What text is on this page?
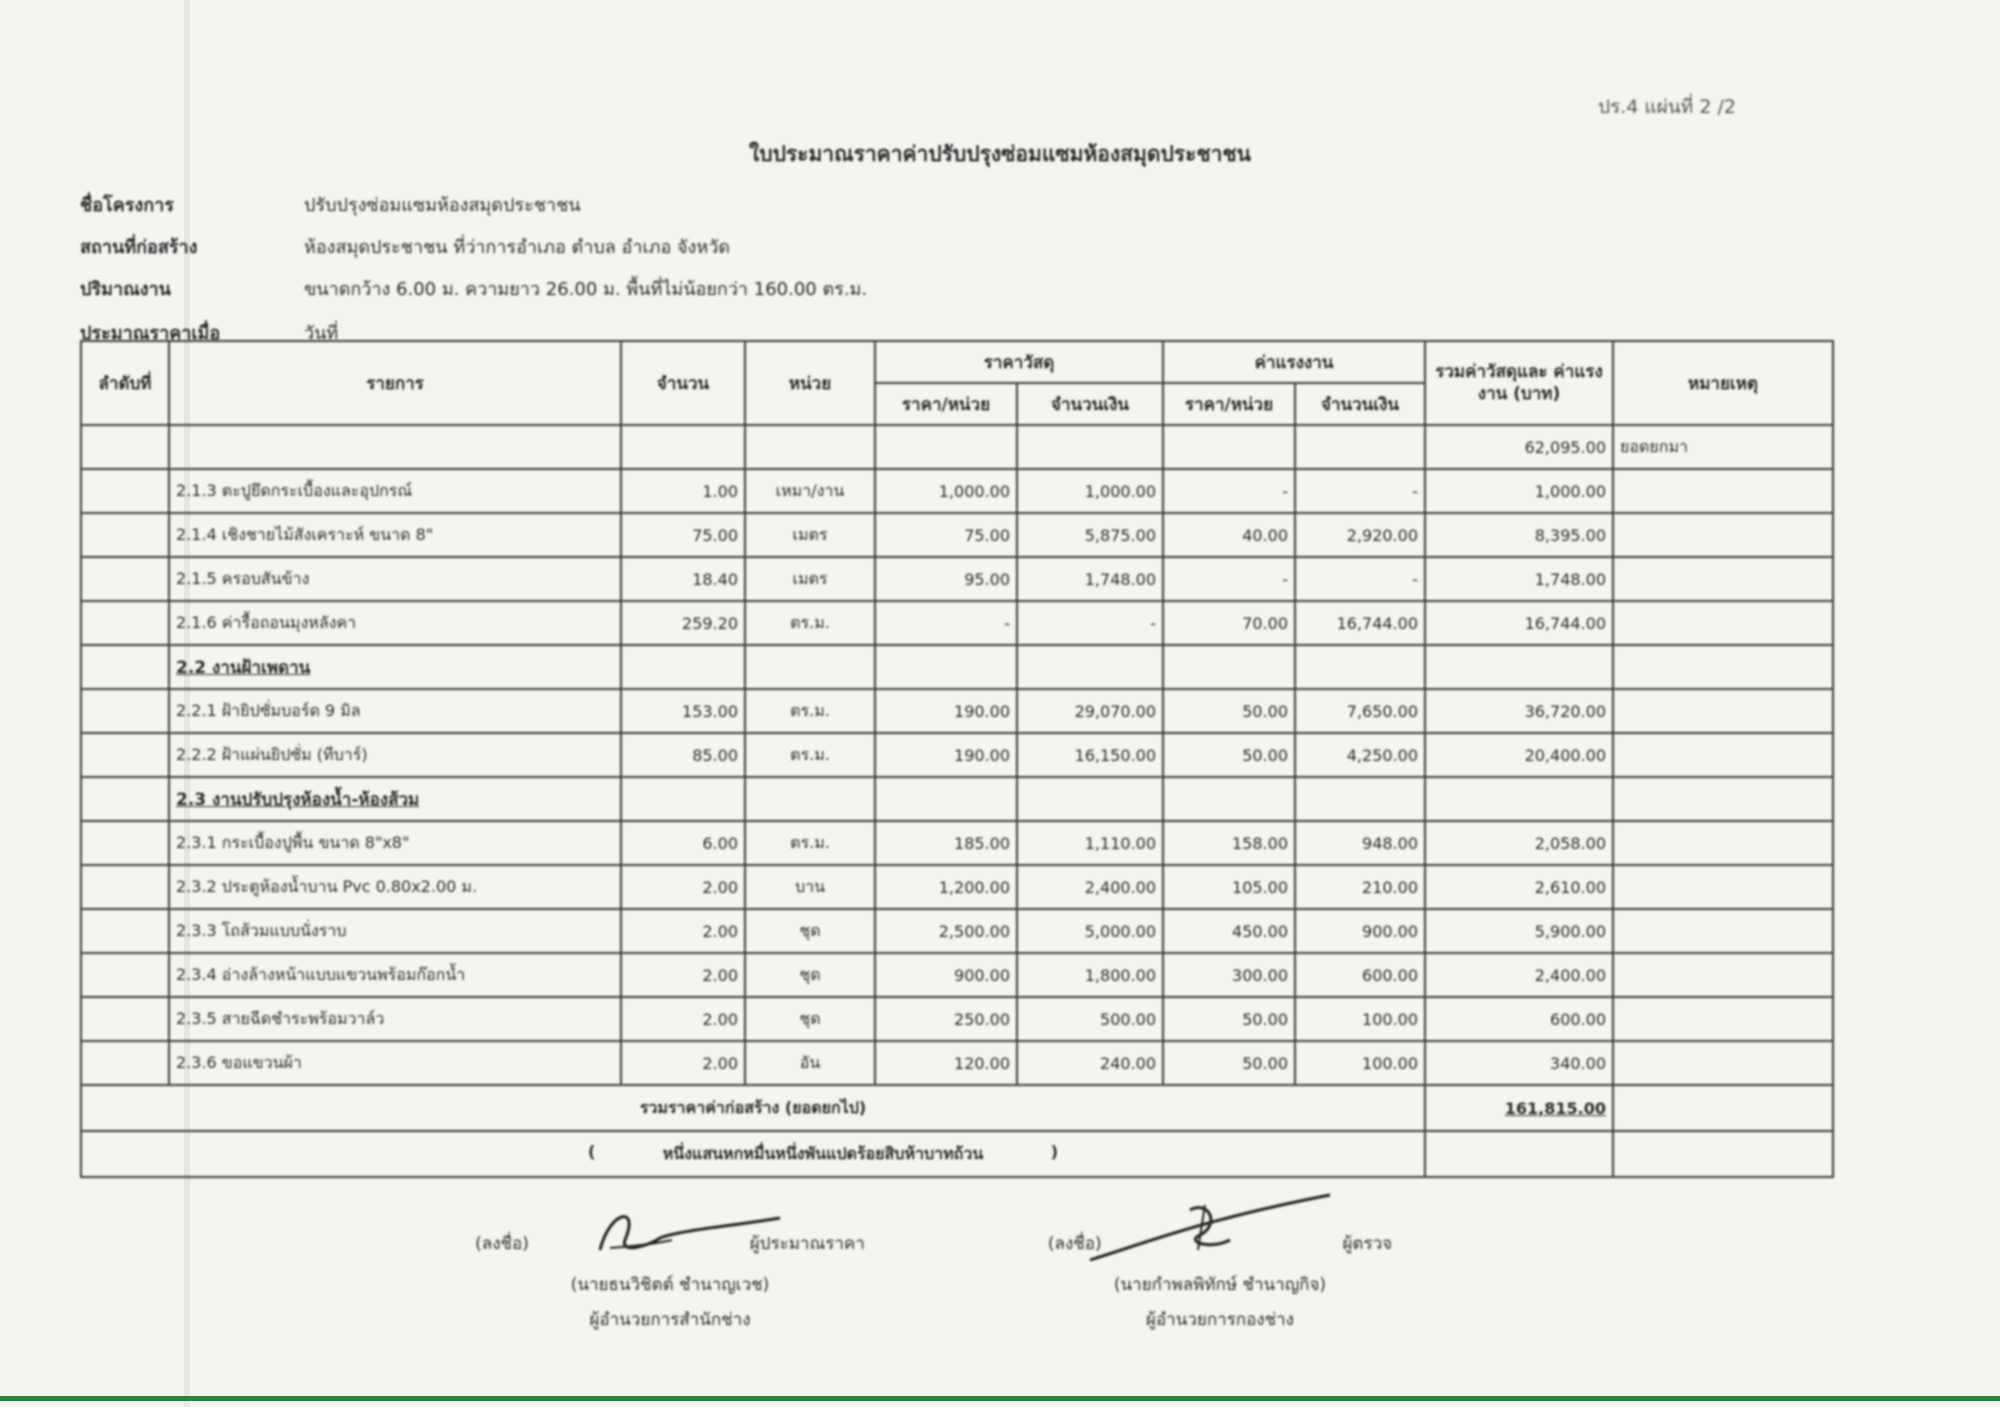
ปร.4 แผ่นที่ 2 /2
ใบประมาณราคาค่าปรับปรุงซ่อมแซมห้องสมุดประชาชน
ชื่อโครงการ	ปรับปรุงซ่อมแซมห้องสมุดประชาชน
สถานที่ก่อสร้าง	ห้องสมุดประชาชน ที่ว่าการอำเภอ ตำบล อำเภอ จังหวัด
ปริมาณงาน	ขนาดกว้าง 6.00 ม. ความยาว 26.00 ม. พื้นที่ไม่น้อยกว่า 160.00 ตร.ม.
ประมาณราคาเมื่อ	วันที่
ลำดับที่	รายการ	จำนวน	หน่วย	ราคาวัสดุ		ค่าแรงงาน		รวมค่าวัสดุและ ค่าแรงงาน (บาท)	หมายเหตุ
				ราคา/หน่วย	จำนวนเงิน	ราคา/หน่วย	จำนวนเงิน		
								62,095.00	ยอดยกมา
	2.1.3 ตะปูยึดกระเบื้องและอุปกรณ์	1.00	เหมา/งาน	1,000.00	1,000.00	-	-	1,000.00	
	2.1.4 เชิงชายไม้สังเคราะห์ ขนาด 8"	75.00	เมตร	75.00	5,875.00	40.00	2,920.00	8,395.00	
	2.1.5 ครอบสันข้าง	18.40	เมตร	95.00	1,748.00	-	-	1,748.00	
	2.1.6 ค่ารื้อถอนมุงหลังคา	259.20	ตร.ม.	-	-	70.00	16,744.00	16,744.00	
	2.2 งานฝ้าเพดาน								
	2.2.1 ฝ้ายิปซั่มบอร์ด 9 มิล	153.00	ตร.ม.	190.00	29,070.00	50.00	7,650.00	36,720.00	
	2.2.2 ฝ้าแผ่นยิปซั่ม (ทีบาร์)	85.00	ตร.ม.	190.00	16,150.00	50.00	4,250.00	20,400.00	
	2.3 งานปรับปรุงห้องน้ำ-ห้องส้วม								
	2.3.1 กระเบื้องปูพื้น ขนาด 8"x8"	6.00	ตร.ม.	185.00	1,110.00	158.00	948.00	2,058.00	
	2.3.2 ประตูห้องน้ำบาน Pvc 0.80x2.00 ม.	2.00	บาน	1,200.00	2,400.00	105.00	210.00	2,610.00	
	2.3.3 โถส้วมแบบนั่งราบ	2.00	ชุด	2,500.00	5,000.00	450.00	900.00	5,900.00	
	2.3.4 อ่างล้างหน้าแบบแขวนพร้อมก๊อกน้ำ	2.00	ชุด	900.00	1,800.00	300.00	600.00	2,400.00	
	2.3.5 สายฉีดชำระพร้อมวาล์ว	2.00	ชุด	250.00	500.00	50.00	100.00	600.00	
	2.3.6 ขอแขวนผ้า	2.00	อัน	120.00	240.00	50.00	100.00	340.00	
รวมราคาค่าก่อสร้าง (ยอดยกไป)								161,815.00	

( หนึ่งแสนหกหมื่นหนึ่งพันแปดร้อยสิบห้าบาทถ้วน )									

(ลงชื่อ)	ผู้ประมาณราคา
(นายธนวิชิตต์ ชำนาญเวช)
ผู้อำนวยการสำนักช่าง
(ลงชื่อ)	ผู้ตรวจ
(นายกำพลพิทักษ์ ชำนาญกิจ)
ผู้อำนวยการกองช่าง
